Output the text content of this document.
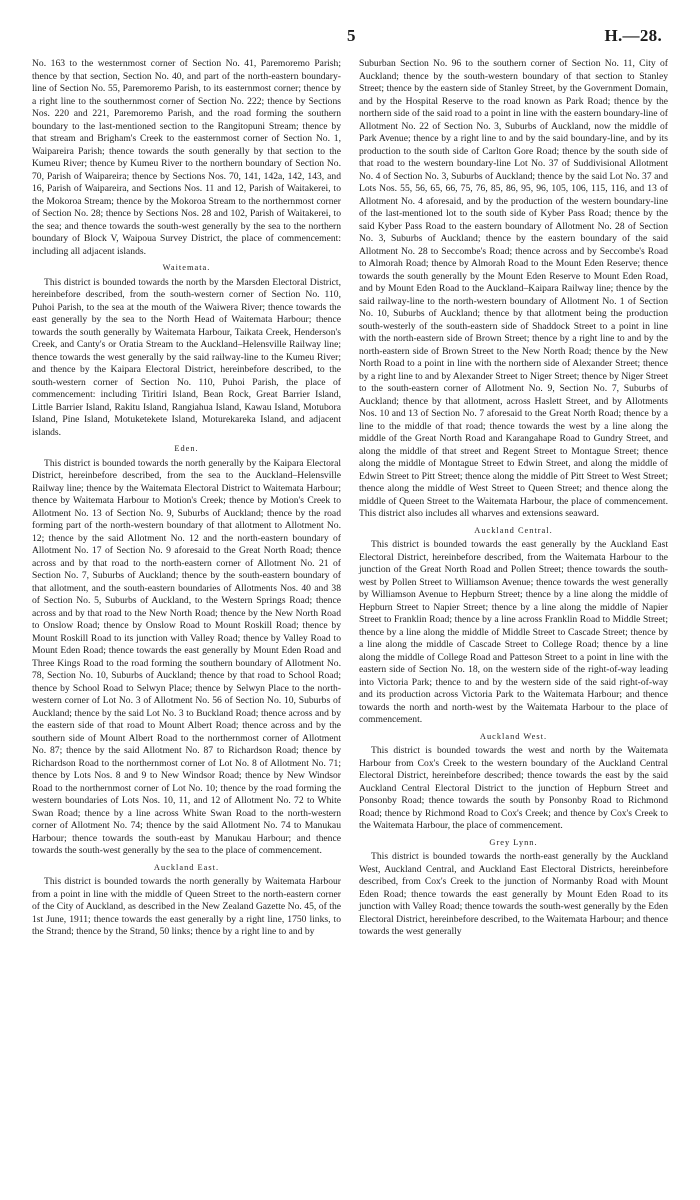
5	H.—28.

No. 163 to the westernmost corner of Section No. 41, Paremoremo Parish; thence by that section, Section No. 40, and part of the north-eastern boundary-line of Section No. 55, Paremoremo Parish, to its easternmost corner; thence by a right line to the southernmost corner of Section No. 222; thence by Sections Nos. 220 and 221, Paremoremo Parish, and the road forming the southern boundary to the last-mentioned section to the Rangitopuni Stream; thence by that stream and Brigham's Creek to the easternmost corner of Section No. 1, Waipareira Parish; thence towards the south generally by that section to the Kumeu River; thence by Kumeu River to the northern boundary of Section No. 70, Parish of Waipareira; thence by Sections Nos. 70, 141, 142a, 142, 143, and 16, Parish of Waipareira, and Sections Nos. 11 and 12, Parish of Waitakerei, to the Mokoroa Stream; thence by the Mokoroa Stream to the northernmost corner of Section No. 28; thence by Sections Nos. 28 and 102, Parish of Waitakerei, to the sea; and thence towards the south-west generally by the sea to the northern boundary of Block V, Waipoua Survey District, the place of commencement: including all adjacent islands.

Waitemata.

This district is bounded towards the north by the Marsden Electoral District, hereinbefore described, from the south-western corner of Section No. 110, Puhoi Parish, to the sea at the mouth of the Waiwera River; thence towards the east generally by the sea to the North Head of Waitemata Harbour; thence towards the south generally by Waitemata Harbour, Taikata Creek, Henderson's Creek, and Canty's or Oratia Stream to the Auckland–Helensville Railway line; thence towards the west generally by the said railway-line to the Kumeu River; and thence by the Kaipara Electoral District, hereinbefore described, to the south-western corner of Section No. 110, Puhoi Parish, the place of commencement: including Tiritiri Island, Bean Rock, Great Barrier Island, Little Barrier Island, Rakitu Island, Rangiahua Island, Kawau Island, Motubora Island, Pine Island, Motuketekete Island, Moturekareka Island, and adjacent islands.

Eden.

This district is bounded towards the north generally by the Kaipara Electoral District, hereinbefore described, from the sea to the Auckland–Helensville Railway line; thence by the Waitemata Electoral District to Waitemata Harbour; thence by Waitemata Harbour to Motion's Creek; thence by Motion's Creek to Allotment No. 13 of Section No. 9, Suburbs of Auckland; thence by the road forming part of the north-western boundary of that allotment to Allotment No. 12; thence by the said Allotment No. 12 and the north-eastern boundary of Allotment No. 17 of Section No. 9 aforesaid to the Great North Road; thence across and by that road to the north-eastern corner of Allotment No. 21 of Section No. 7, Suburbs of Auckland; thence by the south-eastern boundary of that allotment, and the south-eastern boundaries of Allotments Nos. 40 and 38 of Section No. 5, Suburbs of Auckland, to the Western Springs Road; thence across and by that road to the New North Road; thence by the New North Road to Onslow Road; thence by Onslow Road to Mount Roskill Road; thence by Mount Roskill Road to its junction with Valley Road; thence by Valley Road to Mount Eden Road; thence towards the east generally by Mount Eden Road and Three Kings Road to the road forming the southern boundary of Allotment No. 78, Section No. 10, Suburbs of Auckland; thence by that road to School Road; thence by School Road to Selwyn Place; thence by Selwyn Place to the north-western corner of Lot No. 3 of Allotment No. 56 of Section No. 10, Suburbs of Auckland; thence by the said Lot No. 3 to Buckland Road; thence across and by the eastern side of that road to Mount Albert Road; thence across and by the southern side of Mount Albert Road to the northernmost corner of Allotment No. 87; thence by the said Allotment No. 87 to Richardson Road; thence by Richardson Road to the northernmost corner of Lot No. 8 of Allotment No. 71; thence by Lots Nos. 8 and 9 to New Windsor Road; thence by New Windsor Road to the northernmost corner of Lot No. 10; thence by the road forming the western boundaries of Lots Nos. 10, 11, and 12 of Allotment No. 72 to White Swan Road; thence by a line across White Swan Road to the north-western corner of Allotment No. 74; thence by the said Allotment No. 74 to Manukau Harbour; thence towards the south-east by Manukau Harbour; and thence towards the south-west generally by the sea to the place of commencement.

Auckland East.

This district is bounded towards the north generally by Waitemata Harbour from a point in line with the middle of Queen Street to the north-eastern corner of the City of Auckland, as described in the New Zealand Gazette No. 45, of the 1st June, 1911; thence towards the east generally by a right line, 1750 links, to the Strand; thence by the Strand, 50 links; thence by a right line to and by

Suburban Section No. 96 to the southern corner of Section No. 11, City of Auckland; thence by the south-western boundary of that section to Stanley Street; thence by the eastern side of Stanley Street, by the Government Domain, and by the Hospital Reserve to the road known as Park Road; thence by the northern side of the said road to a point in line with the eastern boundary-line of Allotment No. 22 of Section No. 3, Suburbs of Auckland, now the middle of Park Avenue; thence by a right line to and by the said boundary-line, and by its production to the south side of Carlton Gore Road; thence by the south side of that road to the western boundary-line Lot No. 37 of Suddivisional Allotment No. 4 of Section No. 3, Suburbs of Auckland; thence by the said Lot No. 37 and Lots Nos. 55, 56, 65, 66, 75, 76, 85, 86, 95, 96, 105, 106, 115, 116, and 13 of Allotment No. 4 aforesaid, and by the production of the western boundary-line of the last-mentioned lot to the south side of Kyber Pass Road; thence by the said Kyber Pass Road to the eastern boundary of Allotment No. 28 of Section No. 3, Suburbs of Auckland; thence by the eastern boundary of the said Allotment No. 28 to Seccombe's Road; thence across and by Seccombe's Road to Almorah Road; thence by Almorah Road to the Mount Eden Reserve; thence towards the south generally by the Mount Eden Reserve to Mount Eden Road, and by Mount Eden Road to the Auckland–Kaipara Railway line; thence by the said railway-line to the north-western boundary of Allotment No. 1 of Section No. 10, Suburbs of Auckland; thence by that allotment being the production south-westerly of the south-eastern side of Shaddock Street to a point in line with the north-eastern side of Brown Street; thence by a right line to and by the north-eastern side of Brown Street to the New North Road; thence by the New North Road to a point in line with the northern side of Alexander Street; thence by a right line to and by Alexander Street to Niger Street; thence by Niger Street to the south-eastern corner of Allotment No. 9, Section No. 7, Suburbs of Auckland; thence by that allotment, across Haslett Street, and by Allotments Nos. 10 and 13 of Section No. 7 aforesaid to the Great North Road; thence by a line to the middle of that road; thence towards the west by a line along the middle of the Great North Road and Karangahape Road to Gundry Street, and along the middle of that street and Regent Street to Montague Street; thence along the middle of Montague Street to Edwin Street, and along the middle of Edwin Street to Pitt Street; thence along the middle of Pitt Street to West Street; thence along the middle of West Street to Queen Street; and thence along the middle of Queen Street to the Waitemata Harbour, the place of commencement. This district also includes all wharves and extensions seaward.

Auckland Central.

This district is bounded towards the east generally by the Auckland East Electoral District, hereinbefore described, from the Waitemata Harbour to the junction of the Great North Road and Pollen Street; thence towards the south-west by Pollen Street to Williamson Avenue; thence towards the west generally by Williamson Avenue to Hepburn Street; thence by a line along the middle of Hepburn Street to Napier Street; thence by a line along the middle of Napier Street to Franklin Road; thence by a line across Franklin Road to Middle Street; thence by a line along the middle of Middle Street to Cascade Street; thence by a line along the middle of Cascade Street to College Road; thence by a line along the middle of College Road and Patteson Street to a point in line with the eastern side of Section No. 18, on the western side of the right-of-way leading into Victoria Park; thence to and by the western side of the said right-of-way and its production across Victoria Park to the Waitemata Harbour; and thence towards the north and north-west by the Waitemata Harbour to the place of commencement.

Auckland West.

This district is bounded towards the west and north by the Waitemata Harbour from Cox's Creek to the western boundary of the Auckland Central Electoral District, hereinbefore described; thence towards the east by the said Auckland Central Electoral District to the junction of Hepburn Street and Ponsonby Road; thence towards the south by Ponsonby Road to Richmond Road; thence by Richmond Road to Cox's Creek; and thence by Cox's Creek to the Waitemata Harbour, the place of commencement.

Grey Lynn.

This district is bounded towards the north-east generally by the Auckland West, Auckland Central, and Auckland East Electoral Districts, hereinbefore described, from Cox's Creek to the junction of Normanby Road with Mount Eden Road; thence towards the east generally by Mount Eden Road to its junction with Valley Road; thence towards the south-west generally by the Eden Electoral District, hereinbefore described, to the Waitemata Harbour; and thence towards the west generally
